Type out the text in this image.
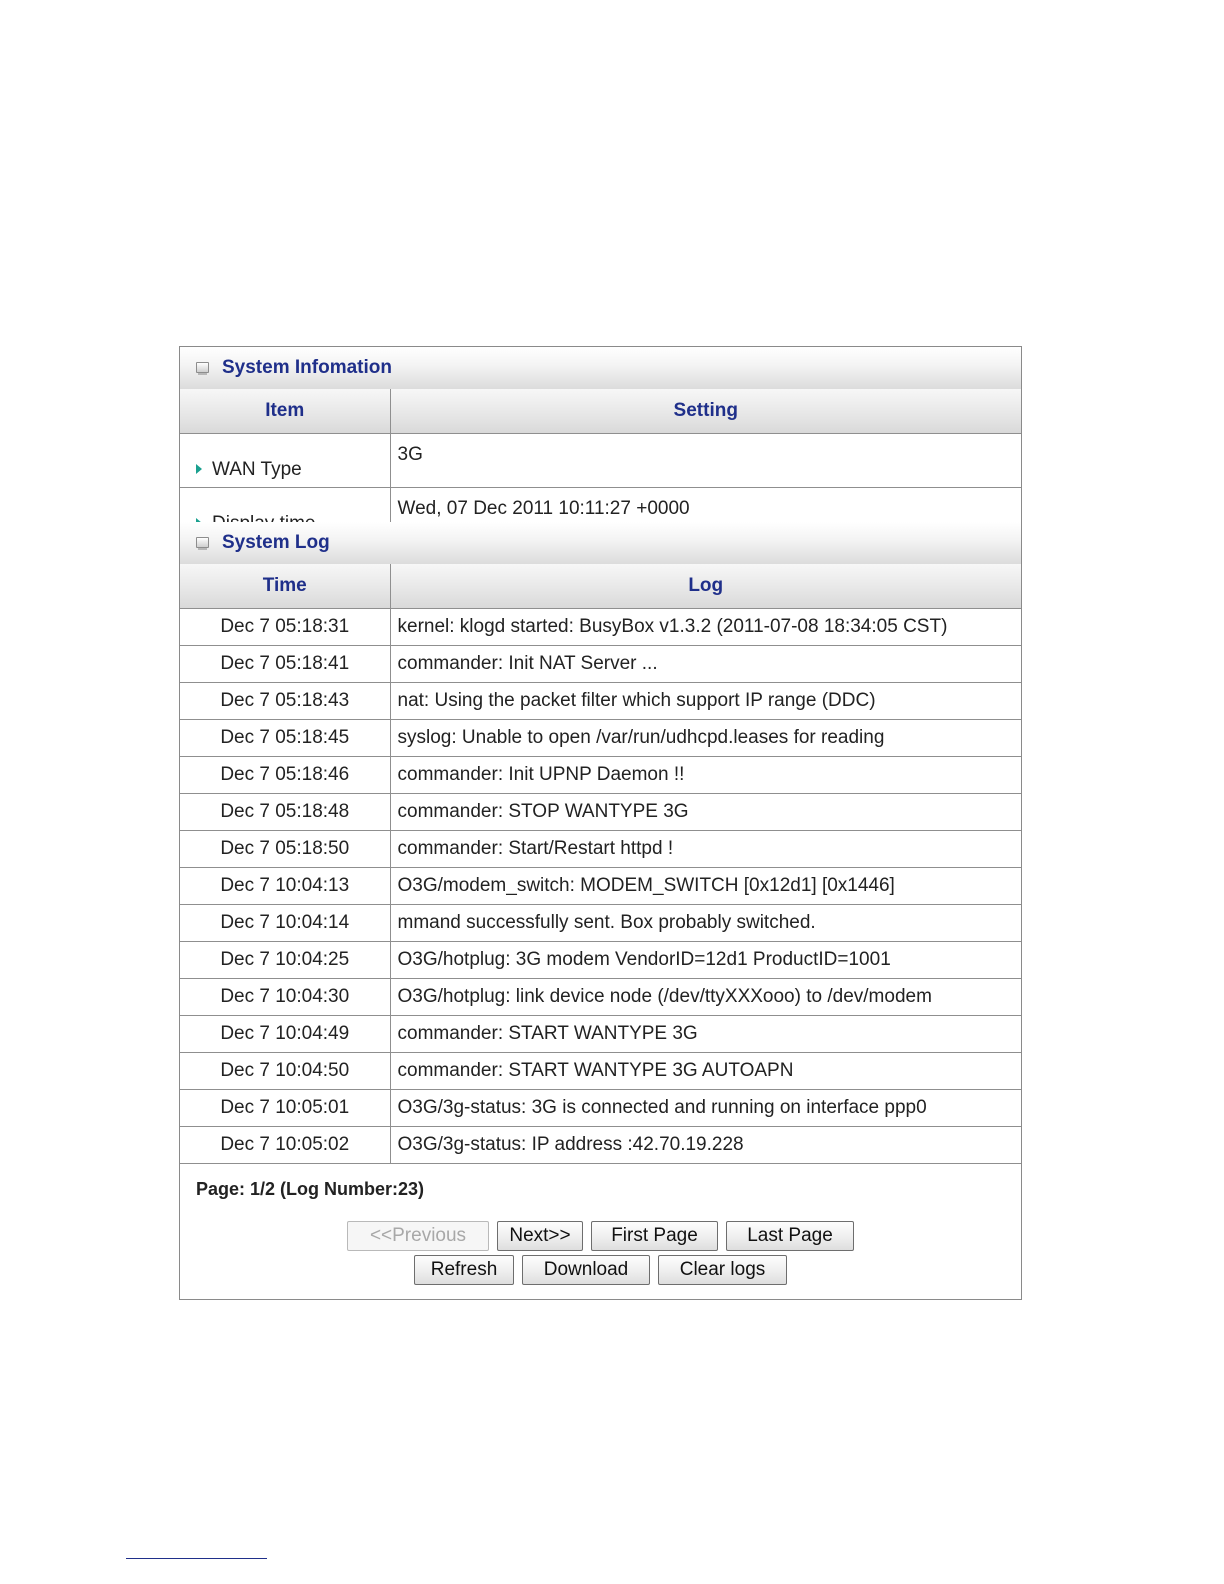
System Infomation
Item	Setting
WAN Type	3G
	Wed, 07 Dec 2011 10:11:27 +0000
System Log
Time	Log
Dec 7 05:18:31	kernel: klogd started: BusyBox v1.3.2 (2011-07-08 18:34:05 CST)
Dec 7 05:18:41	commander: Init NAT Server ...
Dec 7 05:18:43	nat: Using the packet filter which support IP range (DDC)
Dec 7 05:18:45	syslog: Unable to open /var/run/udhcpd.leases for reading
Dec 7 05:18:46	commander: Init UPNP Daemon !!
Dec 7 05:18:48	commander: STOP WANTYPE 3G
Dec 7 05:18:50	commander: Start/Restart httpd !
Dec 7 10:04:13	O3G/modem_switch: MODEM_SWITCH [0x12d1] [0x1446]
Dec 7 10:04:14	mmand successfully sent. Box probably switched.
Dec 7 10:04:25	O3G/hotplug: 3G modem VendorID=12d1 ProductID=1001
Dec 7 10:04:30	O3G/hotplug: link device node (/dev/ttyXXXooo) to /dev/modem
Dec 7 10:04:49	commander: START WANTYPE 3G
Dec 7 10:04:50	commander: START WANTYPE 3G AUTOAPN
Dec 7 10:05:01	O3G/3g-status: 3G is connected and running on interface ppp0
Dec 7 10:05:02	O3G/3g-status: IP address :42.70.19.228
Page: 1/2 (Log Number:23)
<<Previous	Next>>	First Page	Last Page
Refresh	Download	Clear logs
